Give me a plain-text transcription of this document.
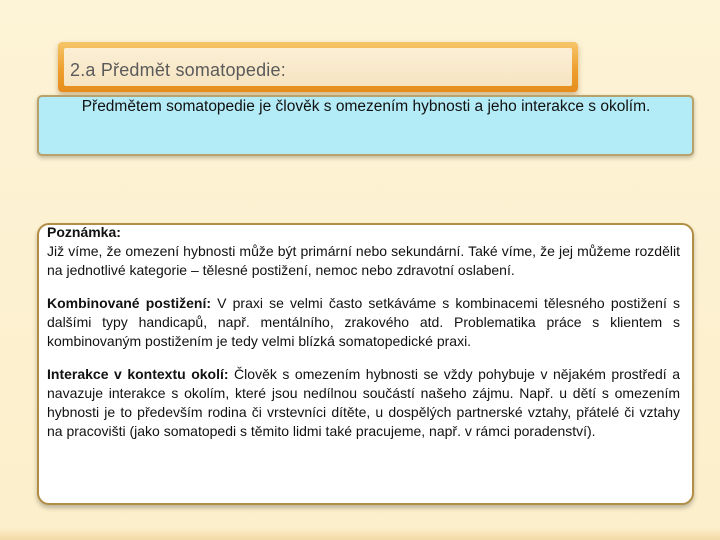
2.a Předmět somatopedie:
Předmětem somatopedie je člověk s omezením hybnosti a jeho interakce s okolím.
Poznámka:
Již víme, že omezení hybnosti může být primární nebo sekundární. Také víme, že jej můžeme rozdělit na jednotlivé kategorie – tělesné postižení, nemoc nebo zdravotní oslabení.
Kombinované postižení: V praxi se velmi často setkáváme s kombinacemi tělesného postižení s dalšími typy handicapů, např. mentálního, zrakového atd. Problematika práce s klientem s kombinovaným postižením je tedy velmi blízká somatopedické praxi.
Interakce v kontextu okolí: Člověk s omezením hybnosti se vždy pohybuje v nějakém prostředí a navazuje interakce s okolím, které jsou nedílnou součástí našeho zájmu. Např. u dětí s omezením hybnosti je to především rodina či vrstevníci dítěte, u dospělých partnerské vztahy, přátelé či vztahy na pracovišti (jako somatopedi s těmito lidmi také pracujeme, např. v rámci poradenství).
